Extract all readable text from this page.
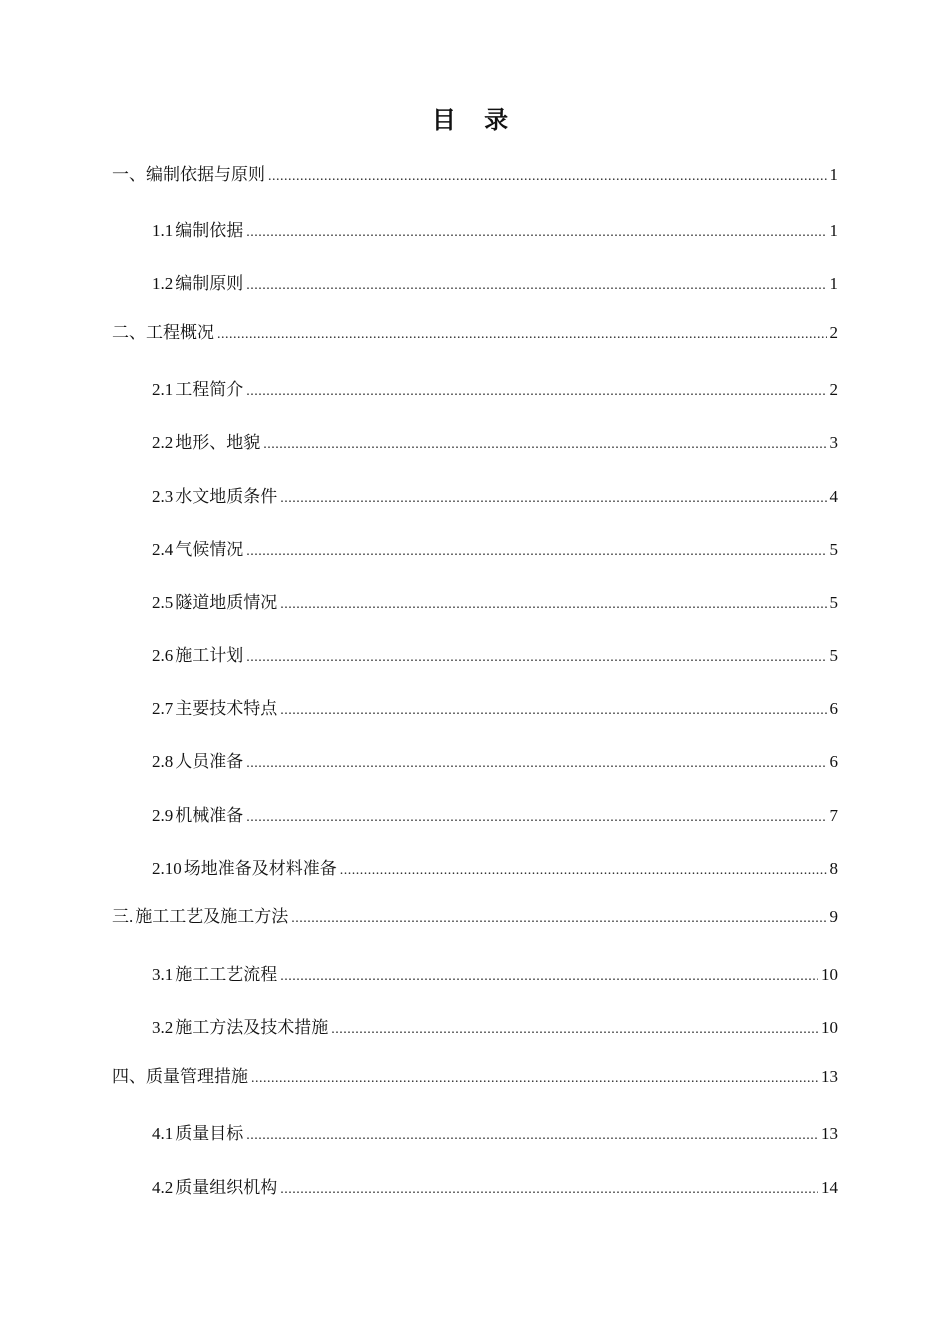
目 录
一、编制依据与原则 .....	1
1.1 编制依据 .....	1
1.2 编制原则 .....	1
二、工程概况 .....	2
2.1 工程简介 .....	2
2.2 地形、地貌 .....	3
2.3 水文地质条件 .....	4
2.4 气候情况 .....	5
2.5 隧道地质情况 .....	5
2.6 施工计划 .....	5
2.7 主要技术特点 .....	6
2.8 人员准备 .....	6
2.9 机械准备 .....	7
2.10 场地准备及材料准备 .....	8
三. 施工工艺及施工方法 .....	9
3.1 施工工艺流程 .....	10
3.2 施工方法及技术措施 .....	10
四、质量管理措施 .....	13
4.1 质量目标 .....	13
4.2 质量组织机构 .....	14
